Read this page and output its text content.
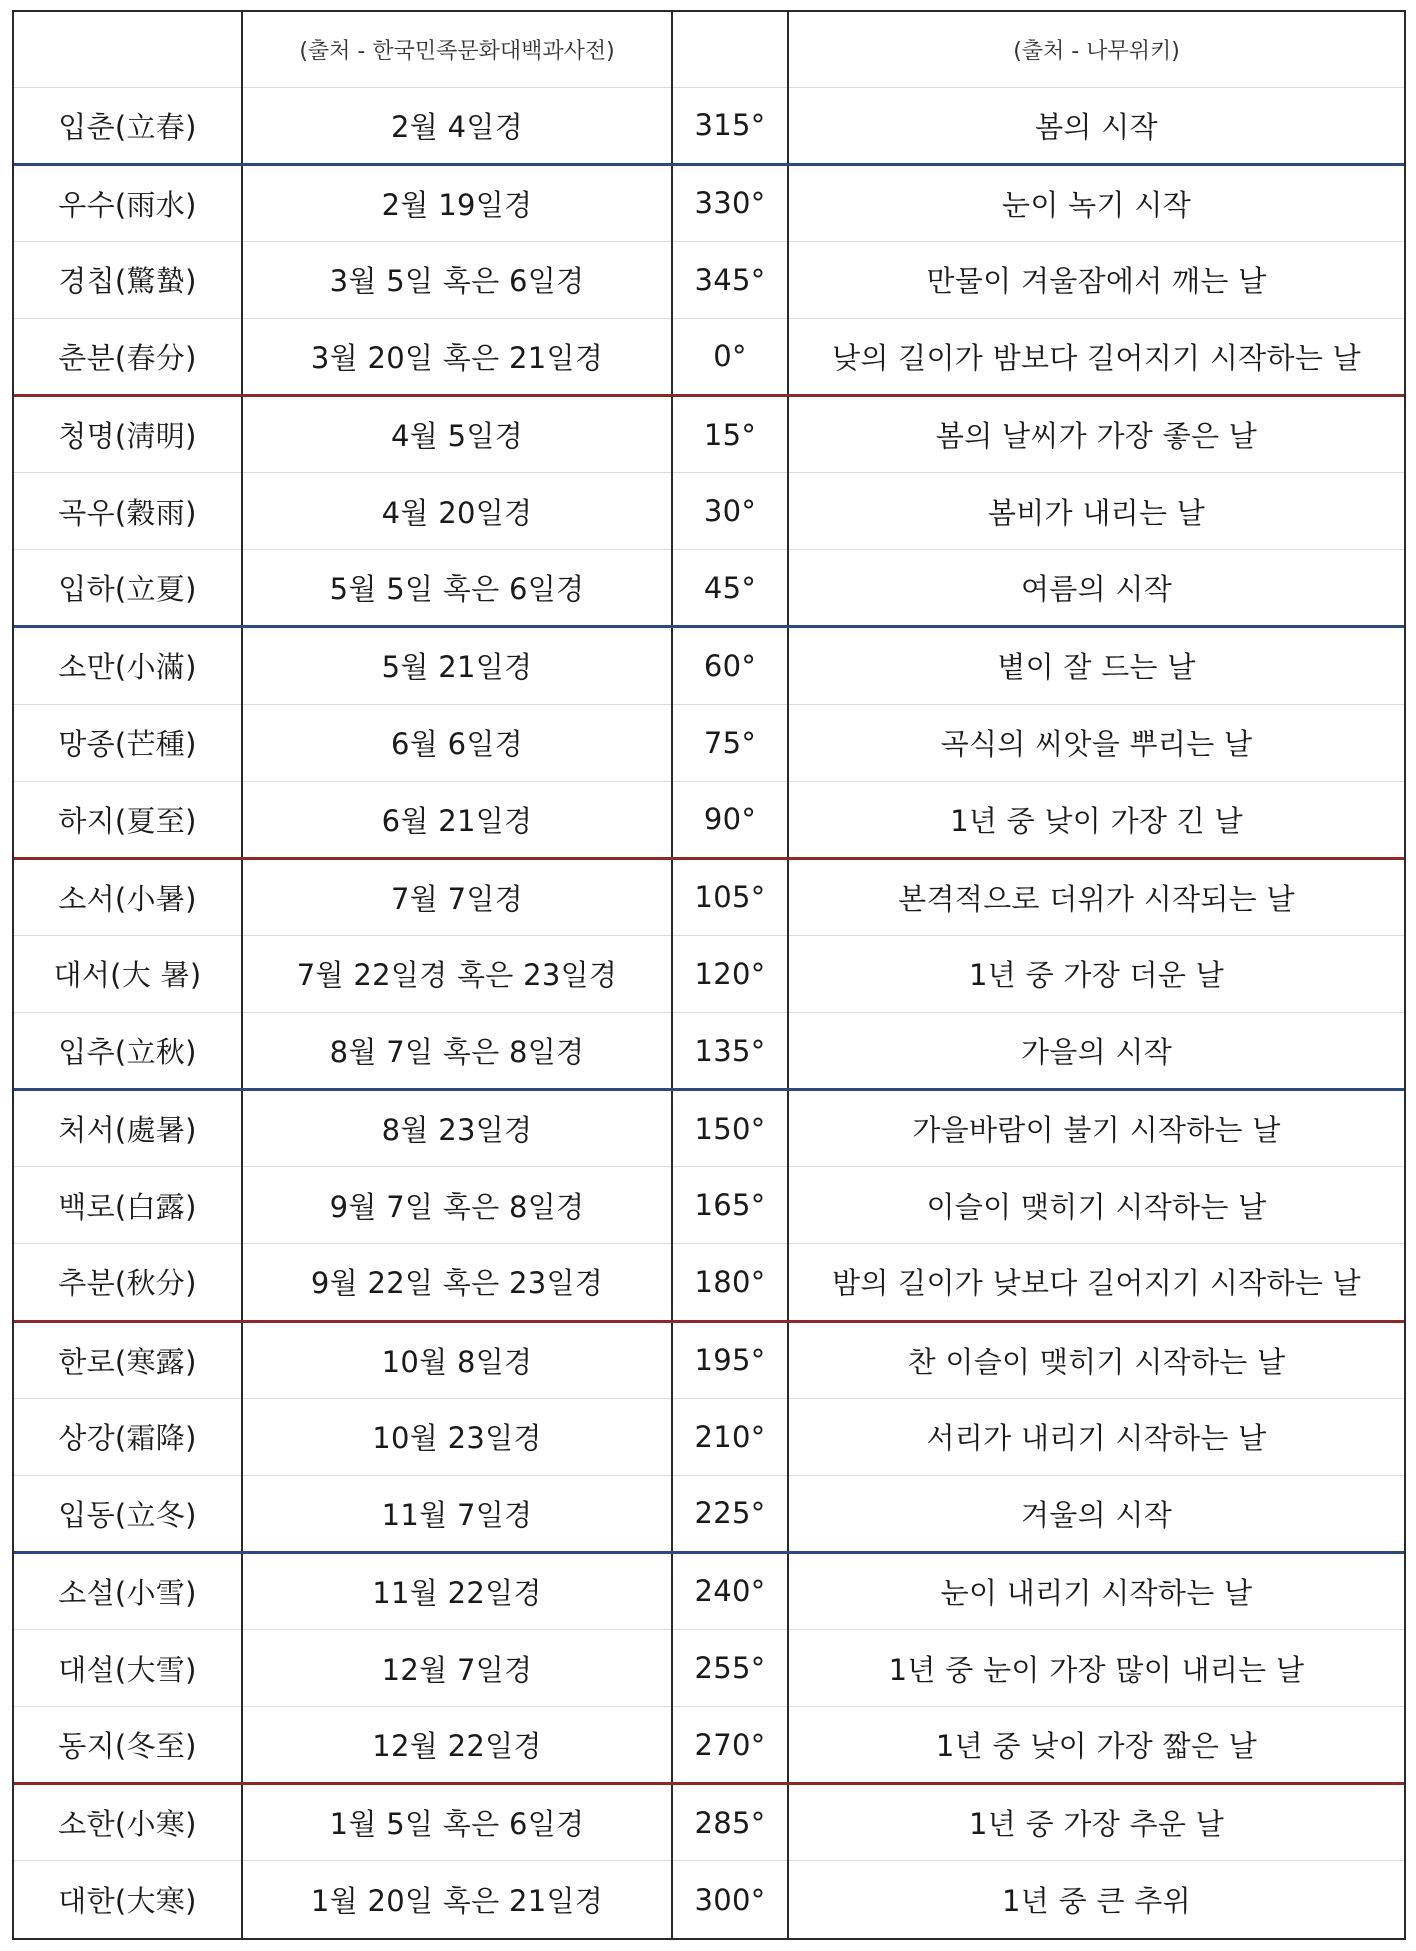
	(출처 - 한국민족문화대백과사전)		(출처 - 나무위키)
입춘(立春)	2월 4일경	315°	봄의 시작
우수(雨水)	2월 19일경	330°	눈이 녹기 시작
경칩(驚蟄)	3월 5일 혹은 6일경	345°	만물이 겨울잠에서 깨는 날
춘분(春分)	3월 20일 혹은 21일경	0°	낮의 길이가 밤보다 길어지기 시작하는 날
청명(淸明)	4월 5일경	15°	봄의 날씨가 가장 좋은 날
곡우(穀雨)	4월 20일경	30°	봄비가 내리는 날
입하(立夏)	5월 5일 혹은 6일경	45°	여름의 시작
소만(小滿)	5월 21일경	60°	볕이 잘 드는 날
망종(芒種)	6월 6일경	75°	곡식의 씨앗을 뿌리는 날
하지(夏至)	6월 21일경	90°	1년 중 낮이 가장 긴 날
소서(小暑)	7월 7일경	105°	본격적으로 더위가 시작되는 날
대서(大 暑)	7월 22일경 혹은 23일경	120°	1년 중 가장 더운 날
입추(立秋)	8월 7일 혹은 8일경	135°	가을의 시작
처서(處暑)	8월 23일경	150°	가을바람이 불기 시작하는 날
백로(白露)	9월 7일 혹은 8일경	165°	이슬이 맺히기 시작하는 날
추분(秋分)	9월 22일 혹은 23일경	180°	밤의 길이가 낮보다 길어지기 시작하는 날
한로(寒露)	10월 8일경	195°	찬 이슬이 맺히기 시작하는 날
상강(霜降)	10월 23일경	210°	서리가 내리기 시작하는 날
입동(立冬)	11월 7일경	225°	겨울의 시작
소설(小雪)	11월 22일경	240°	눈이 내리기 시작하는 날
대설(大雪)	12월 7일경	255°	1년 중 눈이 가장 많이 내리는 날
동지(冬至)	12월 22일경	270°	1년 중 낮이 가장 짧은 날
소한(小寒)	1월 5일 혹은 6일경	285°	1년 중 가장 추운 날
대한(大寒)	1월 20일 혹은 21일경	300°	1년 중 큰 추위
